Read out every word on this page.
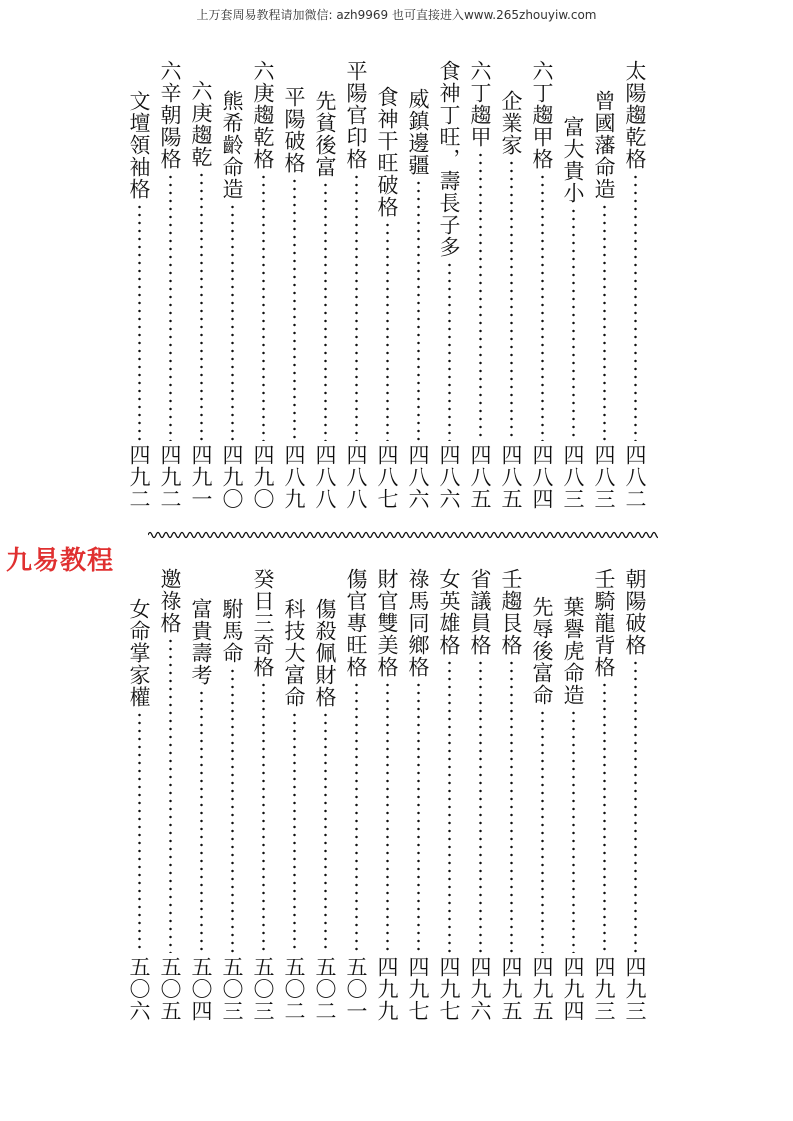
上万套周易教程请加微信: azh9969 也可直接进入www.265zhouyiw.com
九易教程
太陽趨乾格
四八二
曾國藩命造
四八三
富大貴小
四八三
六丁趨甲格
四八四
企業家
四八五
六丁趨甲
四八五
食神丁旺，壽長子多
四八六
威鎮邊疆
四八六
食神干旺破格
四八七
平陽官印格
四八八
先貧後富
四八八
平陽破格
四八九
六庚趨乾格
四九〇
熊希齡命造
四九〇
六庚趨乾
四九一
六辛朝陽格
四九二
文壇領袖格
四九二
朝陽破格
四九三
壬騎龍背格
四九三
葉譽虎命造
四九四
先辱後富命
四九五
壬趨艮格
四九五
省議員格
四九六
女英雄格
四九七
祿馬同鄉格
四九七
財官雙美格
四九九
傷官專旺格
五〇一
傷殺佩財格
五〇二
科技大富命
五〇二
癸日三奇格
五〇三
駙馬命
五〇三
富貴壽考
五〇四
邀祿格
五〇五
女命掌家權
五〇六
